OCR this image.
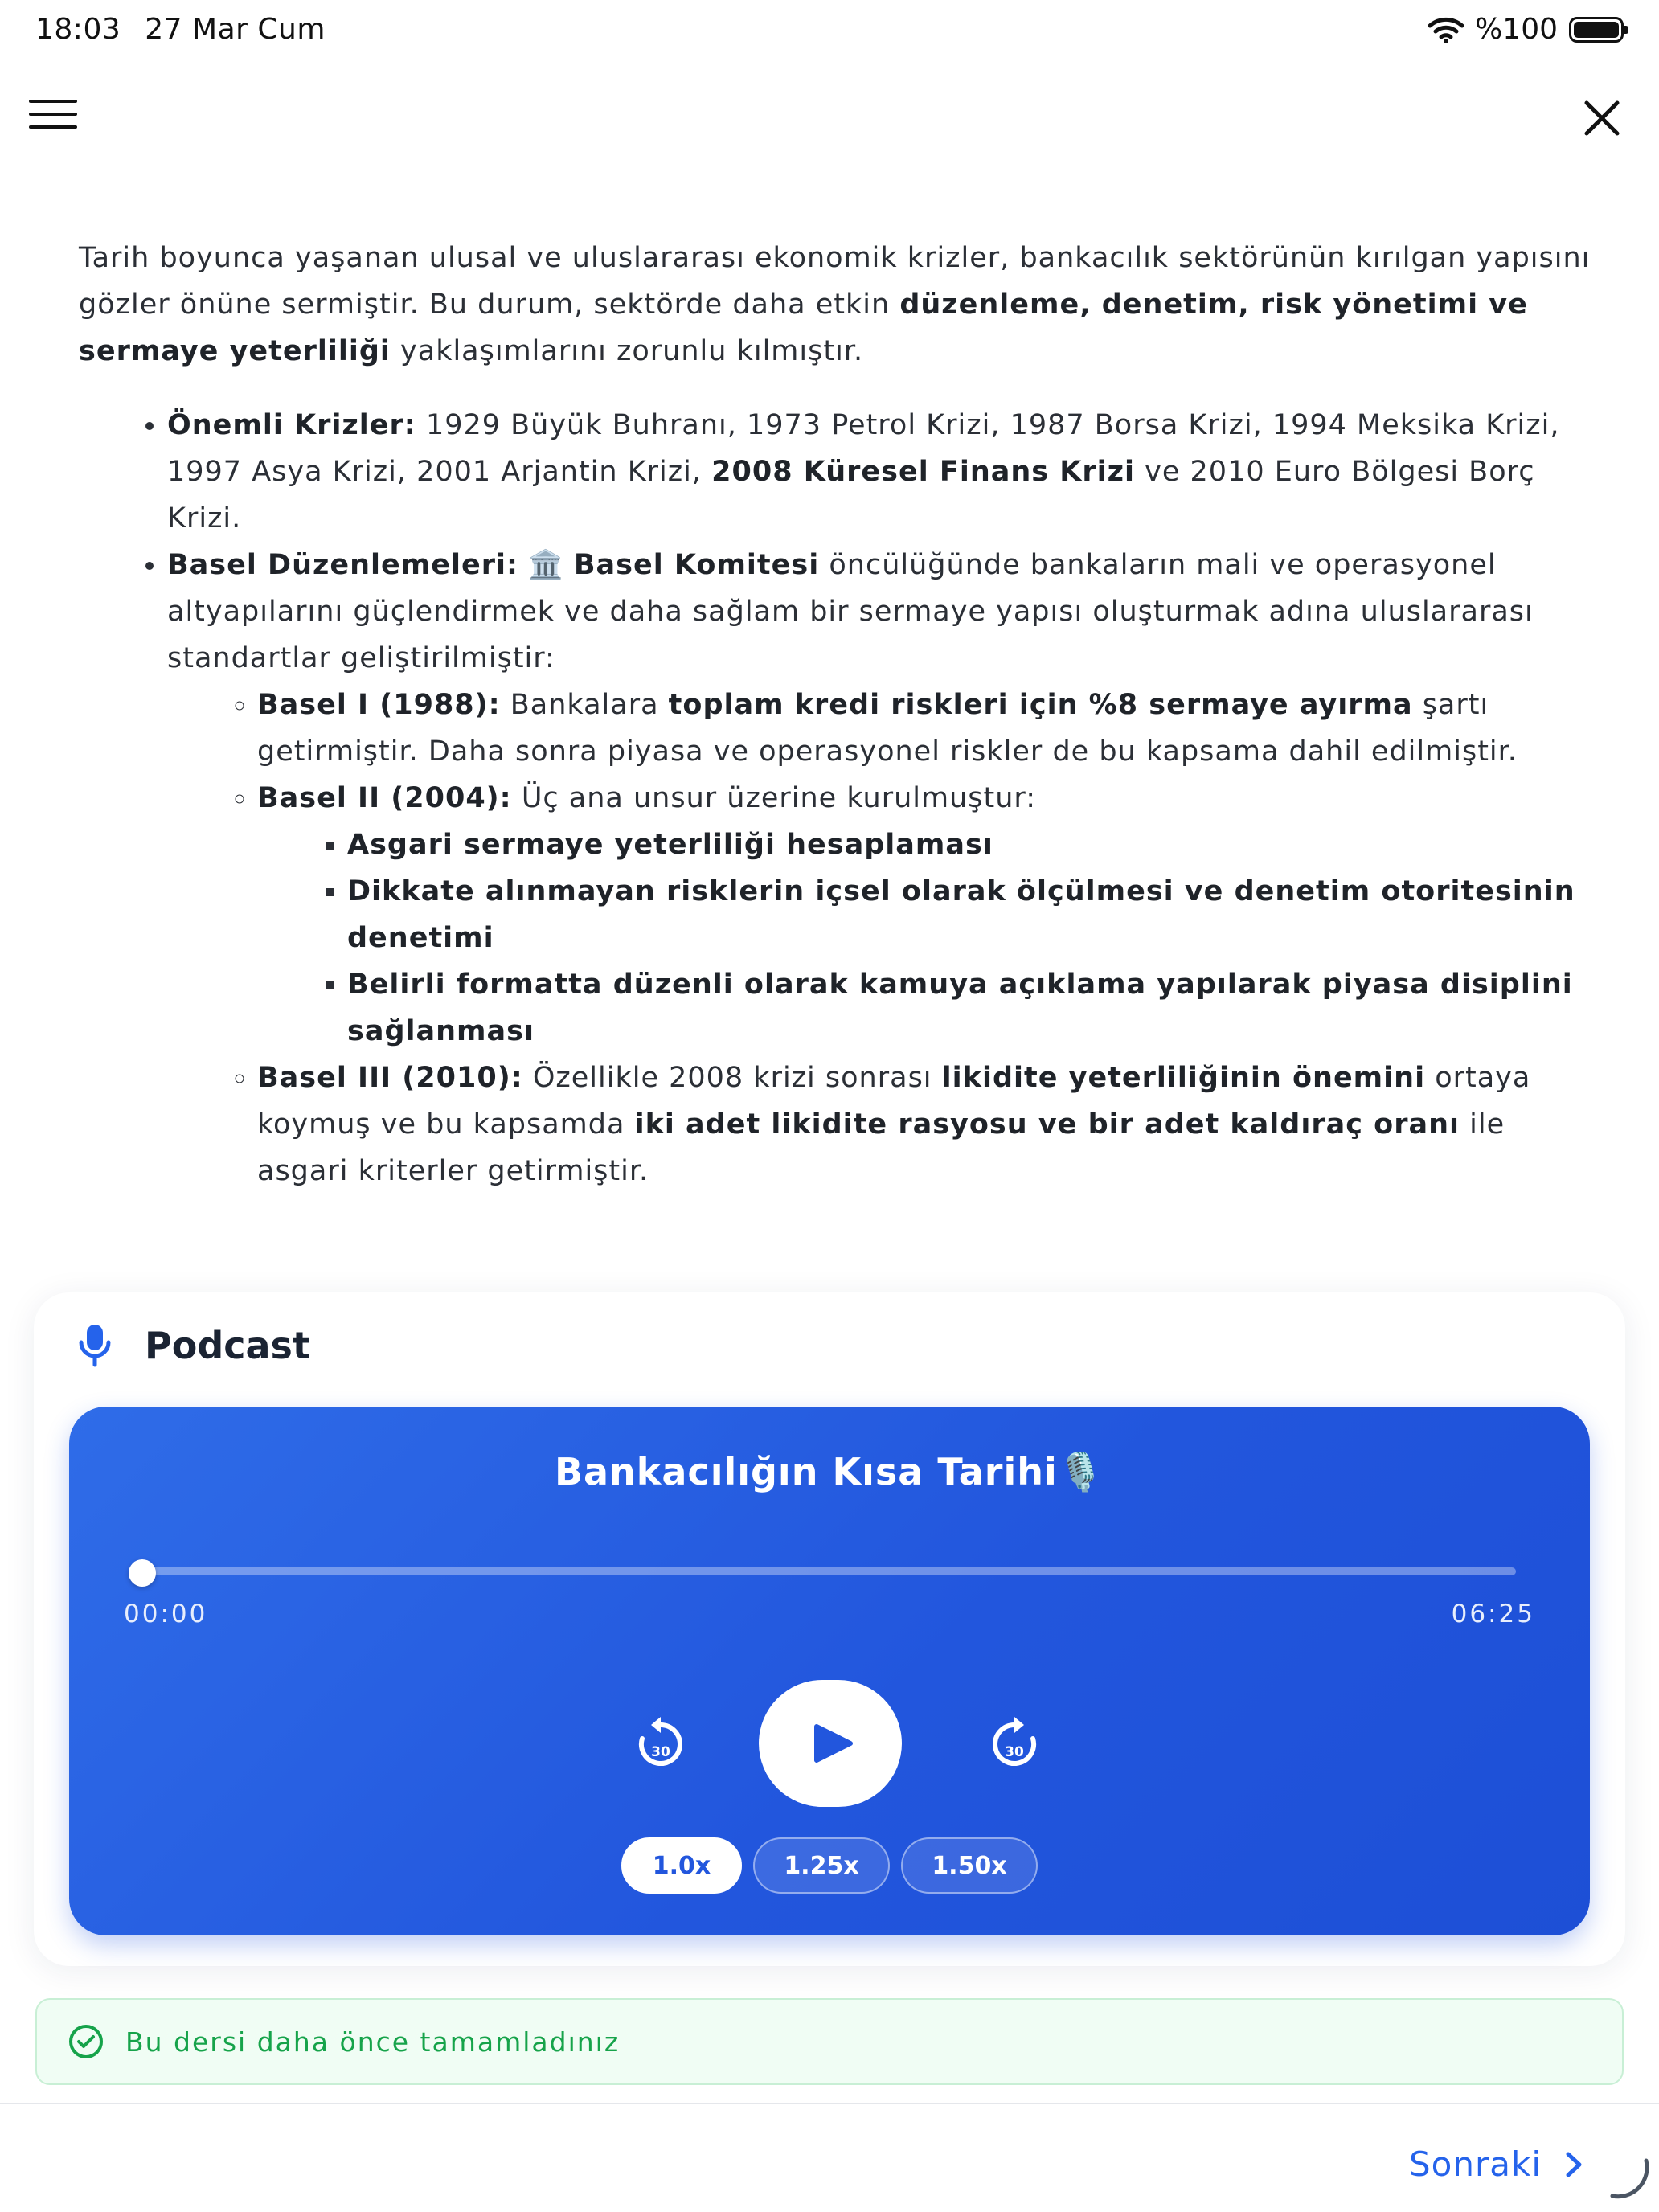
18:03 27 Mar Cum	%100

Tarih boyunca yaşanan ulusal ve uluslararası ekonomik krizler, bankacılık sektörünün kırılgan yapısını gözler önüne sermiştir. Bu durum, sektörde daha etkin düzenleme, denetim, risk yönetimi ve sermaye yeterliliği yaklaşımlarını zorunlu kılmıştır.

• Önemli Krizler: 1929 Büyük Buhranı, 1973 Petrol Krizi, 1987 Borsa Krizi, 1994 Meksika Krizi, 1997 Asya Krizi, 2001 Arjantin Krizi, 2008 Küresel Finans Krizi ve 2010 Euro Bölgesi Borç Krizi.
• Basel Düzenlemeleri: 🏛️ Basel Komitesi öncülüğünde bankaların mali ve operasyonel altyapılarını güçlendirmek ve daha sağlam bir sermaye yapısı oluşturmak adına uluslararası standartlar geliştirilmiştir:
◦ Basel I (1988): Bankalara toplam kredi riskleri için %8 sermaye ayırma şartı getirmiştir. Daha sonra piyasa ve operasyonel riskler de bu kapsama dahil edilmiştir.
◦ Basel II (2004): Üç ana unsur üzerine kurulmuştur:
▪ Asgari sermaye yeterliliği hesaplaması
▪ Dikkate alınmayan risklerin içsel olarak ölçülmesi ve denetim otoritesinin denetimi
▪ Belirli formatta düzenli olarak kamuya açıklama yapılarak piyasa disiplini sağlanması
◦ Basel III (2010): Özellikle 2008 krizi sonrası likidite yeterliliğinin önemini ortaya koymuş ve bu kapsamda iki adet likidite rasyosu ve bir adet kaldıraç oranı ile asgari kriterler getirmiştir.
Podcast
Bankacılığın Kısa Tarihi🎙️
00:00	06:25
30	30
1.0x	1.25x	1.50x
Bu dersi daha önce tamamladınız
Sonraki
